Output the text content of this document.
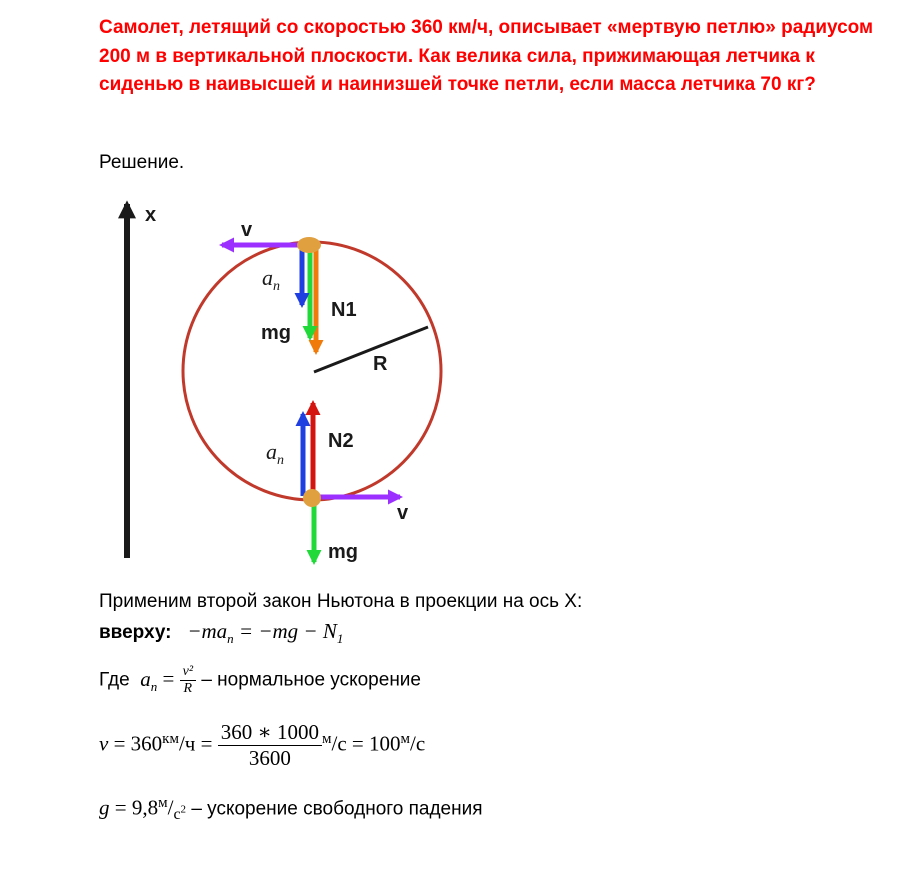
Самолет, летящий со скоростью 360 км/ч, описывает «мертвую петлю» радиусом 200 м в вертикальной плоскости. Как велика сила, прижимающая летчика к сиденью в наивысшей и наинизшей точке петли, если масса летчика 70 кг?

Решение.

x
R
v
an
N1
mg
an
N2
v
mg
Применим второй закон Ньютона в проекции на ось X:
вверху: $-ma_n = -mg - N_1$
Где $a_n = \frac{\text{v²}}{R}$ – нормальное ускорение
$v = 360^{км}/ч = \frac{360 ∗ 1000}{3600} ^м/с = 100^м/с$
$g = 9,8^м/_{с^2}$ – ускорение свободного падения
